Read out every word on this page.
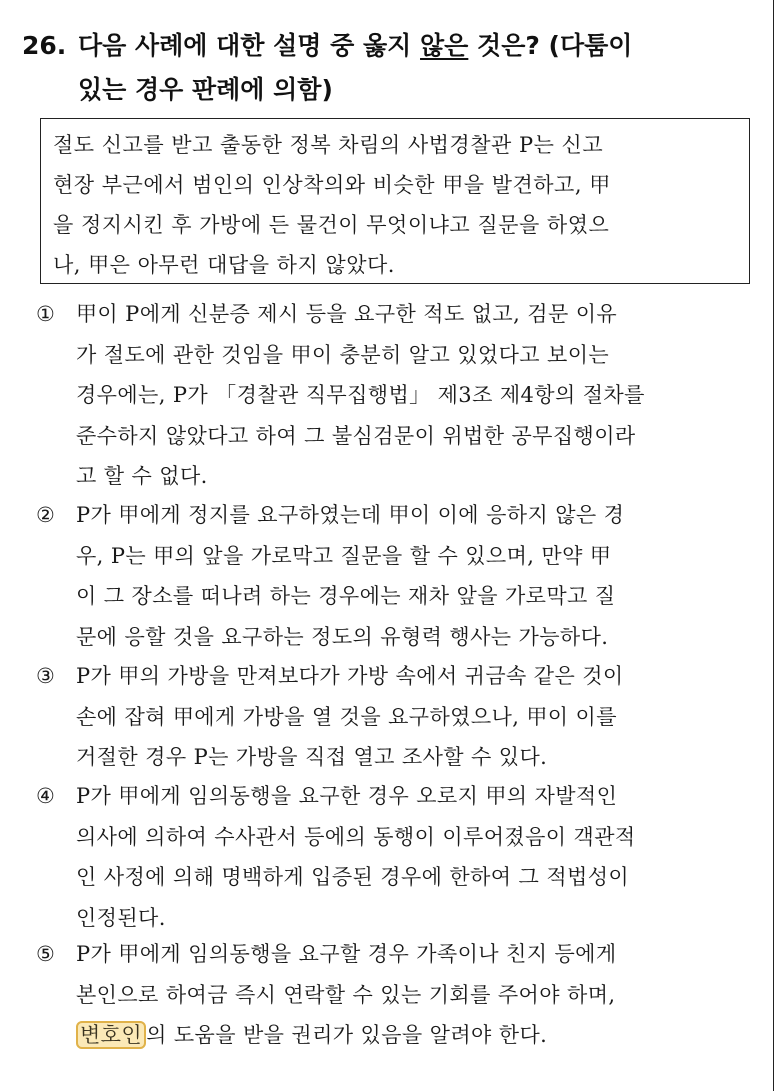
26. 다음 사례에 대한 설명 중 옳지 않은 것은? (다툼이
있는 경우 판례에 의함)
절도 신고를 받고 출동한 정복 차림의 사법경찰관 P는 신고
현장 부근에서 범인의 인상착의와 비슷한 甲을 발견하고, 甲
을 정지시킨 후 가방에 든 물건이 무엇이냐고 질문을 하였으
나, 甲은 아무런 대답을 하지 않았다.
① 甲이 P에게 신분증 제시 등을 요구한 적도 없고, 검문 이유
가 절도에 관한 것임을 甲이 충분히 알고 있었다고 보이는
경우에는, P가 「경찰관 직무집행법」 제3조 제4항의 절차를
준수하지 않았다고 하여 그 불심검문이 위법한 공무집행이라
고 할 수 없다.
② P가 甲에게 정지를 요구하였는데 甲이 이에 응하지 않은 경
우, P는 甲의 앞을 가로막고 질문을 할 수 있으며, 만약 甲
이 그 장소를 떠나려 하는 경우에는 재차 앞을 가로막고 질
문에 응할 것을 요구하는 정도의 유형력 행사는 가능하다.
③ P가 甲의 가방을 만져보다가 가방 속에서 귀금속 같은 것이
손에 잡혀 甲에게 가방을 열 것을 요구하였으나, 甲이 이를
거절한 경우 P는 가방을 직접 열고 조사할 수 있다.
④ P가 甲에게 임의동행을 요구한 경우 오로지 甲의 자발적인
의사에 의하여 수사관서 등에의 동행이 이루어졌음이 객관적
인 사정에 의해 명백하게 입증된 경우에 한하여 그 적법성이
인정된다.
⑤ P가 甲에게 임의동행을 요구할 경우 가족이나 친지 등에게
본인으로 하여금 즉시 연락할 수 있는 기회를 주어야 하며,
변호인 의 도움을 받을 권리가 있음을 알려야 한다.
